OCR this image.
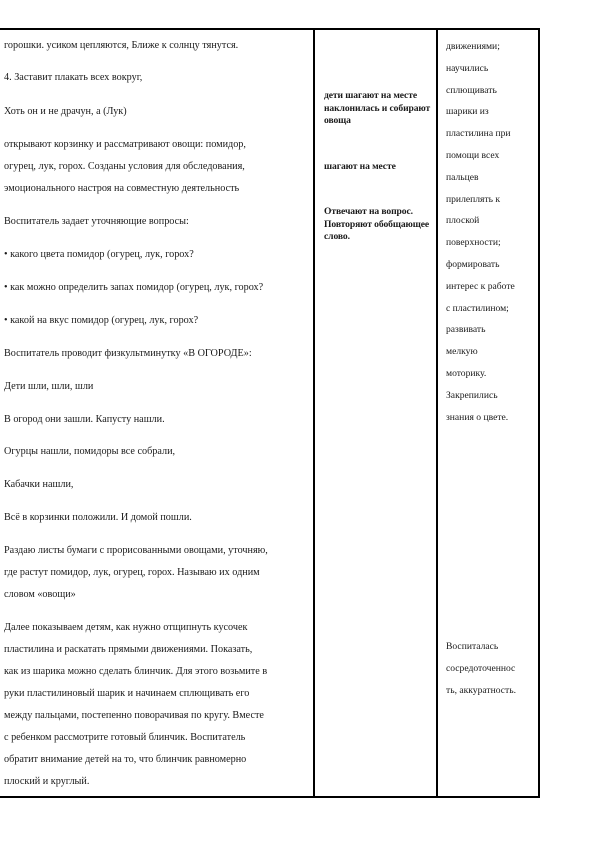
горошки. усиком цепляются, Ближе к солнцу тянутся.

4. Заставит плакать всех вокруг,

Хоть он и не драчун, а (Лук)

открывают корзинку и рассматривают овощи: помидор,

огурец, лук, горох. Созданы условия для обследования,

эмоционального настроя на совместную деятельность

Воспитатель задает уточняющие вопросы:

• какого цвета помидор (огурец, лук, горох?

• как можно определить запах помидор (огурец, лук, горох?

• какой на вкус помидор (огурец, лук, горох?

Воспитатель проводит физкультминутку «В ОГОРОДЕ»:

Дети шли, шли, шли

В огород они зашли. Капусту нашли.

Огурцы нашли, помидоры все собрали,

Кабачки нашли,

Всё в корзинки положили. И домой пошли.

Раздаю листы бумаги с прорисованными овощами, уточняю,

где растут помидор, лук, огурец, горох. Называю их одним

словом «овощи»

Далее показываем детям, как нужно отщипнуть кусочек

пластилина и раскатать прямыми движениями. Показать,

как из шарика можно сделать блинчик. Для этого возьмите в

руки пластилиновый шарик и начинаем сплющивать его

между пальцами, постепенно поворачивая по кругу. Вместе

с ребенком рассмотрите готовый блинчик. Воспитатель

обратит внимание детей на то, что блинчик равномерно

плоский и круглый.

дети шагают на месте наклонилась и собирают овоща

шагают на месте

Отвечают на вопрос. Повторяют обобщающее слово.

движениями;
научились
сплющивать
шарики из
пластилина при
помощи всех
пальцев
прилеплять к
плоской
поверхности;
формировать
интерес к работе
с пластилином;
развивать
мелкую
моторику.
Закрепились
знания о цвете.

Воспиталась
сосредоточеннос
ть, аккуратность.
